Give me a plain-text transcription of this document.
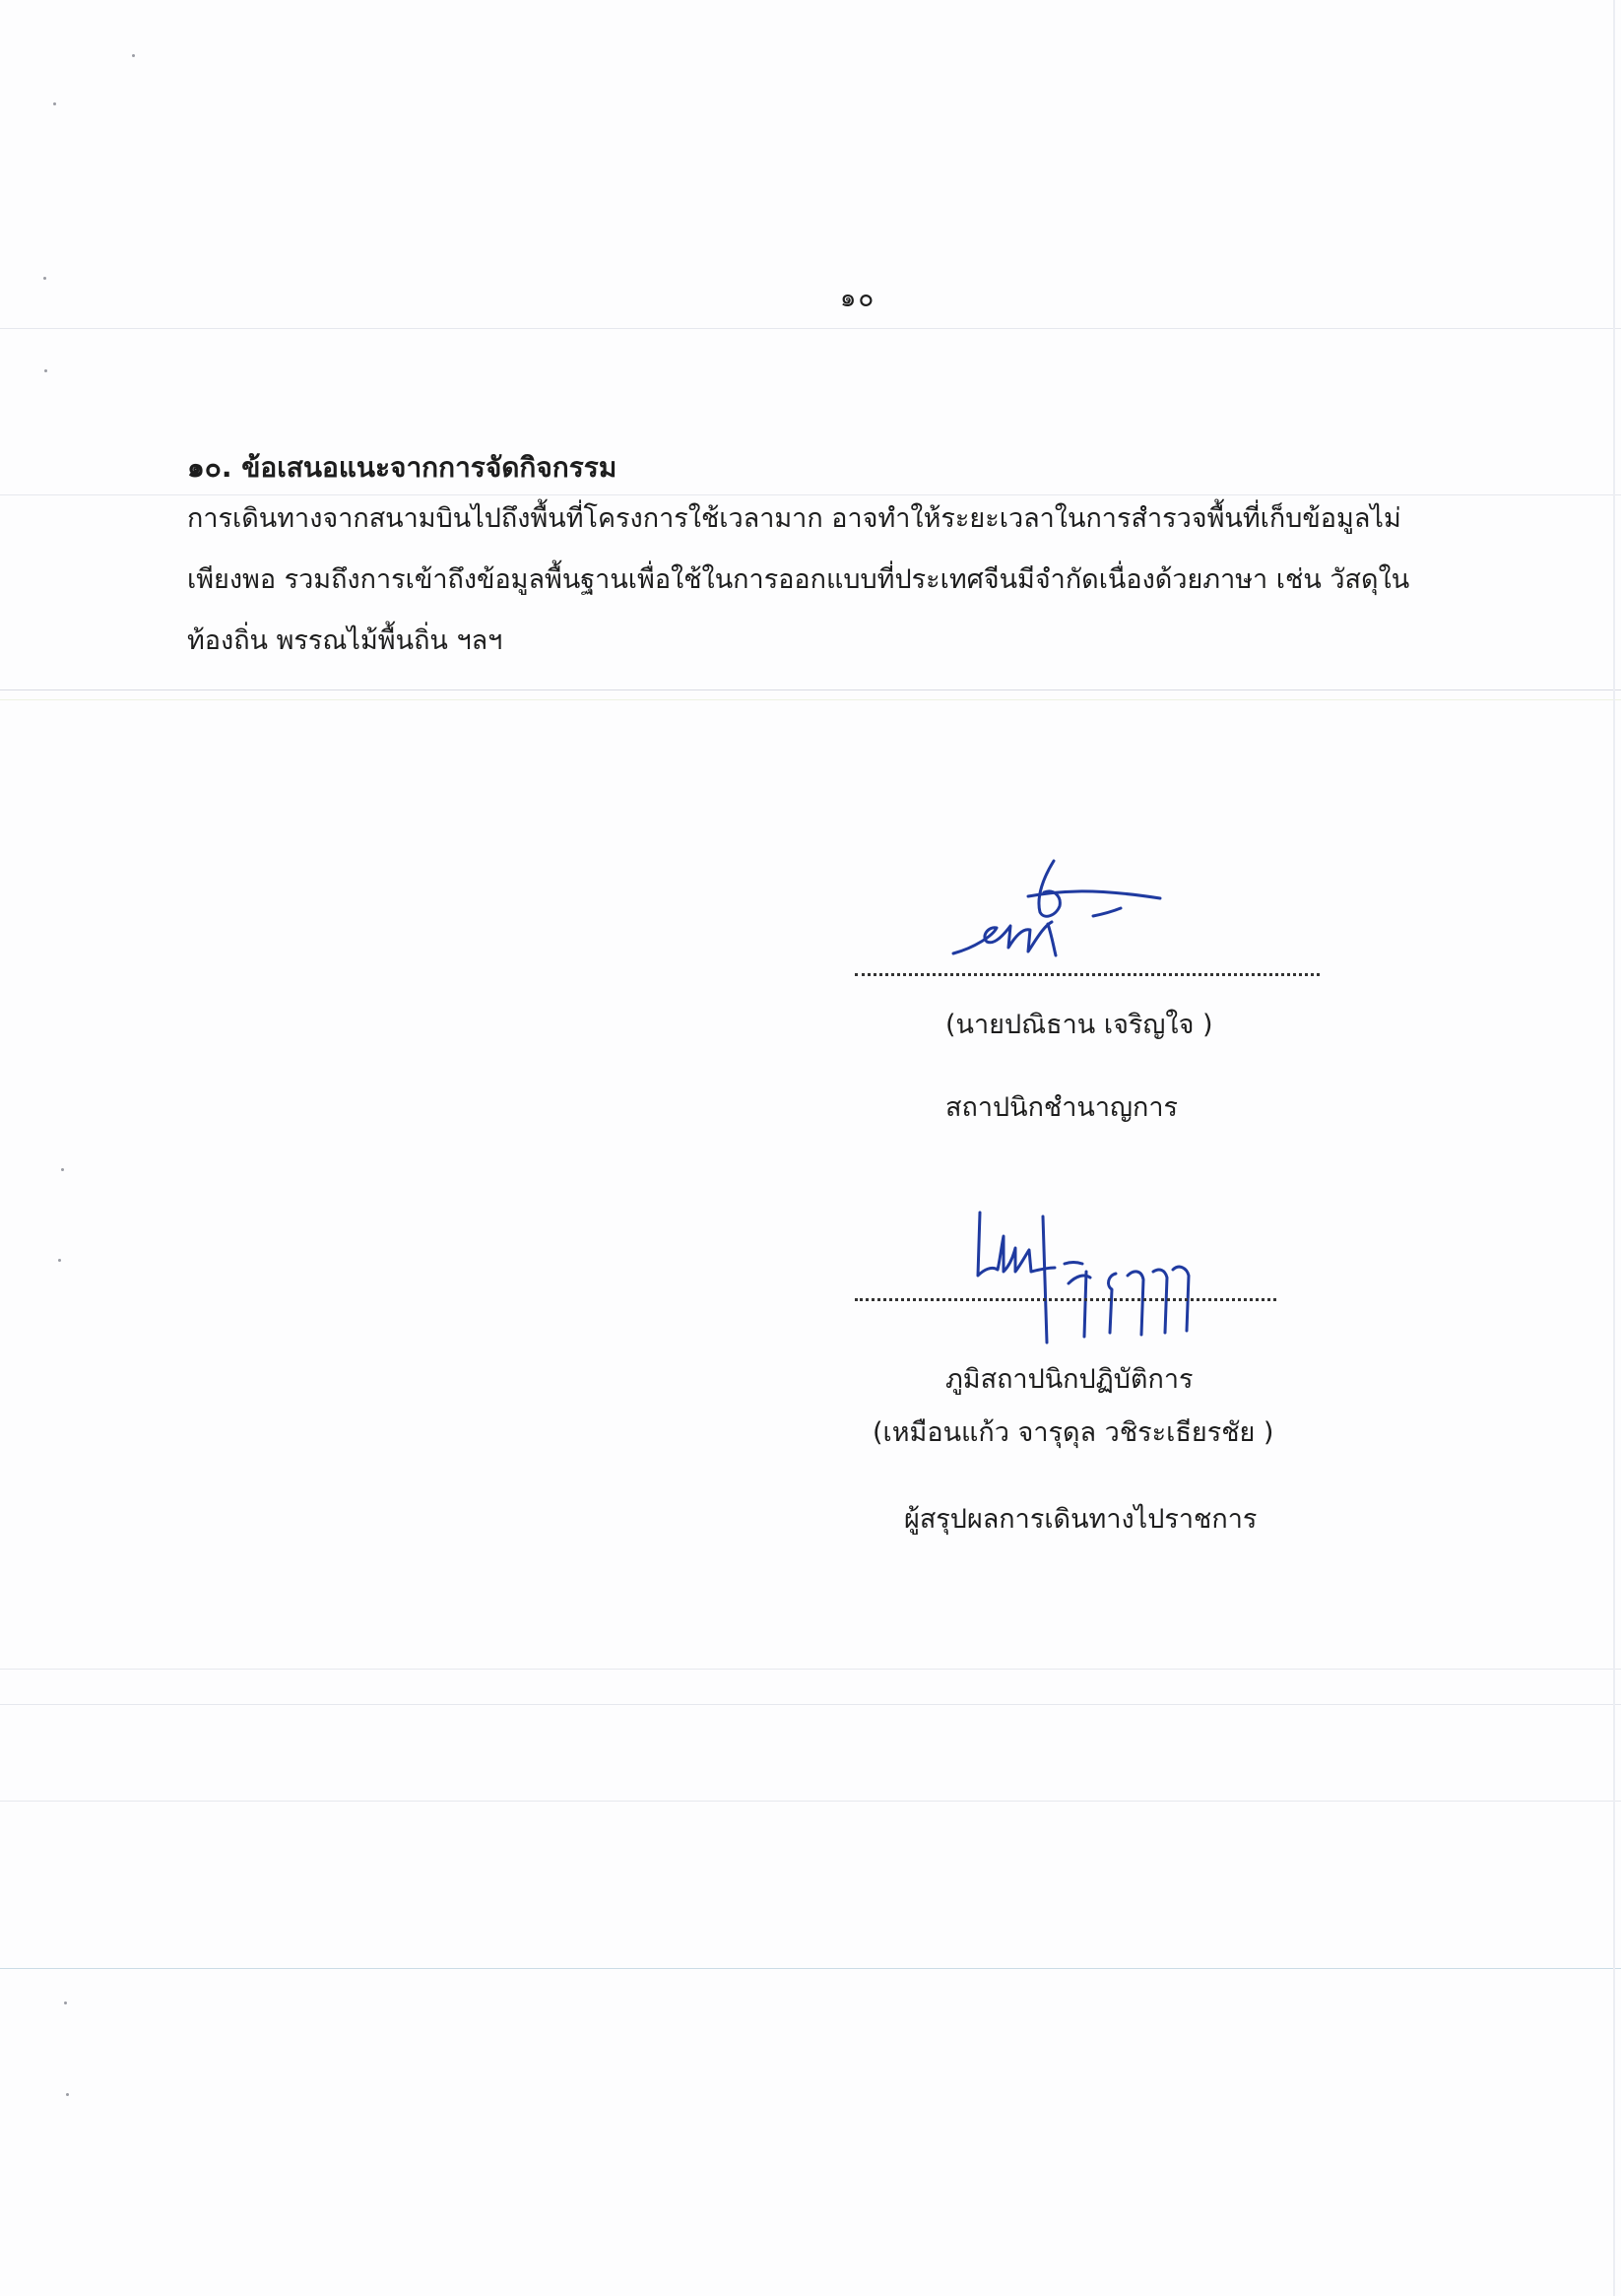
๑๐
๑๐. ข้อเสนอแนะจากการจัดกิจกรรม
การเดินทางจากสนามบินไปถึงพื้นที่โครงการใช้เวลามาก อาจทำให้ระยะเวลาในการสำรวจพื้นที่เก็บข้อมูลไม่
เพียงพอ รวมถึงการเข้าถึงข้อมูลพื้นฐานเพื่อใช้ในการออกแบบที่ประเทศจีนมีจำกัดเนื่องด้วยภาษา เช่น วัสดุใน
ท้องถิ่น พรรณไม้พื้นถิ่น ฯลฯ
(นายปณิธาน เจริญใจ )
สถาปนิกชำนาญการ
ภูมิสถาปนิกปฏิบัติการ
(เหมือนแก้ว จารุดุล วชิระเธียรชัย )
ผู้สรุปผลการเดินทางไปราชการ
